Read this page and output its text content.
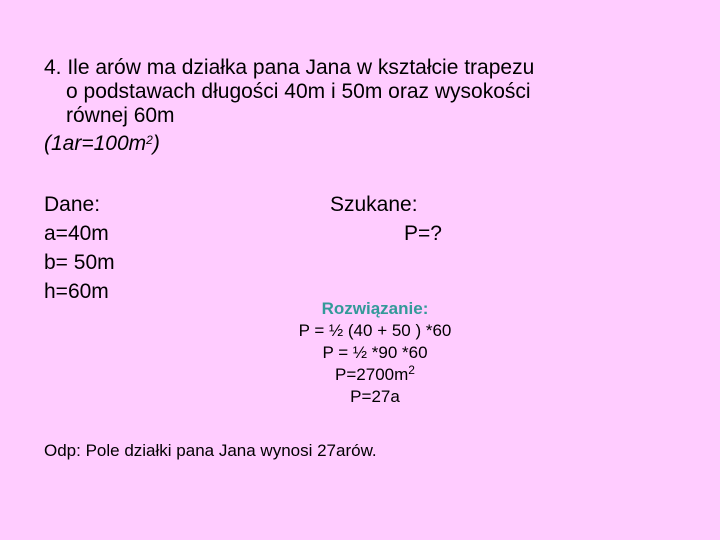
4. Ile arów ma działka pana Jana w kształcie trapezu
o podstawach długości 40m i 50m oraz wysokości
równej 60m
$(1ar=100m^2)$
Dane:
a=40m
b= 50m
h=60m
Szukane:
P=?
Rozwiązanie:
P = ½ (40 + 50 ) *60
P = ½ *90 *60
$P=2700m^2$
P=27a
Odp: Pole działki pana Jana wynosi 27arów.
